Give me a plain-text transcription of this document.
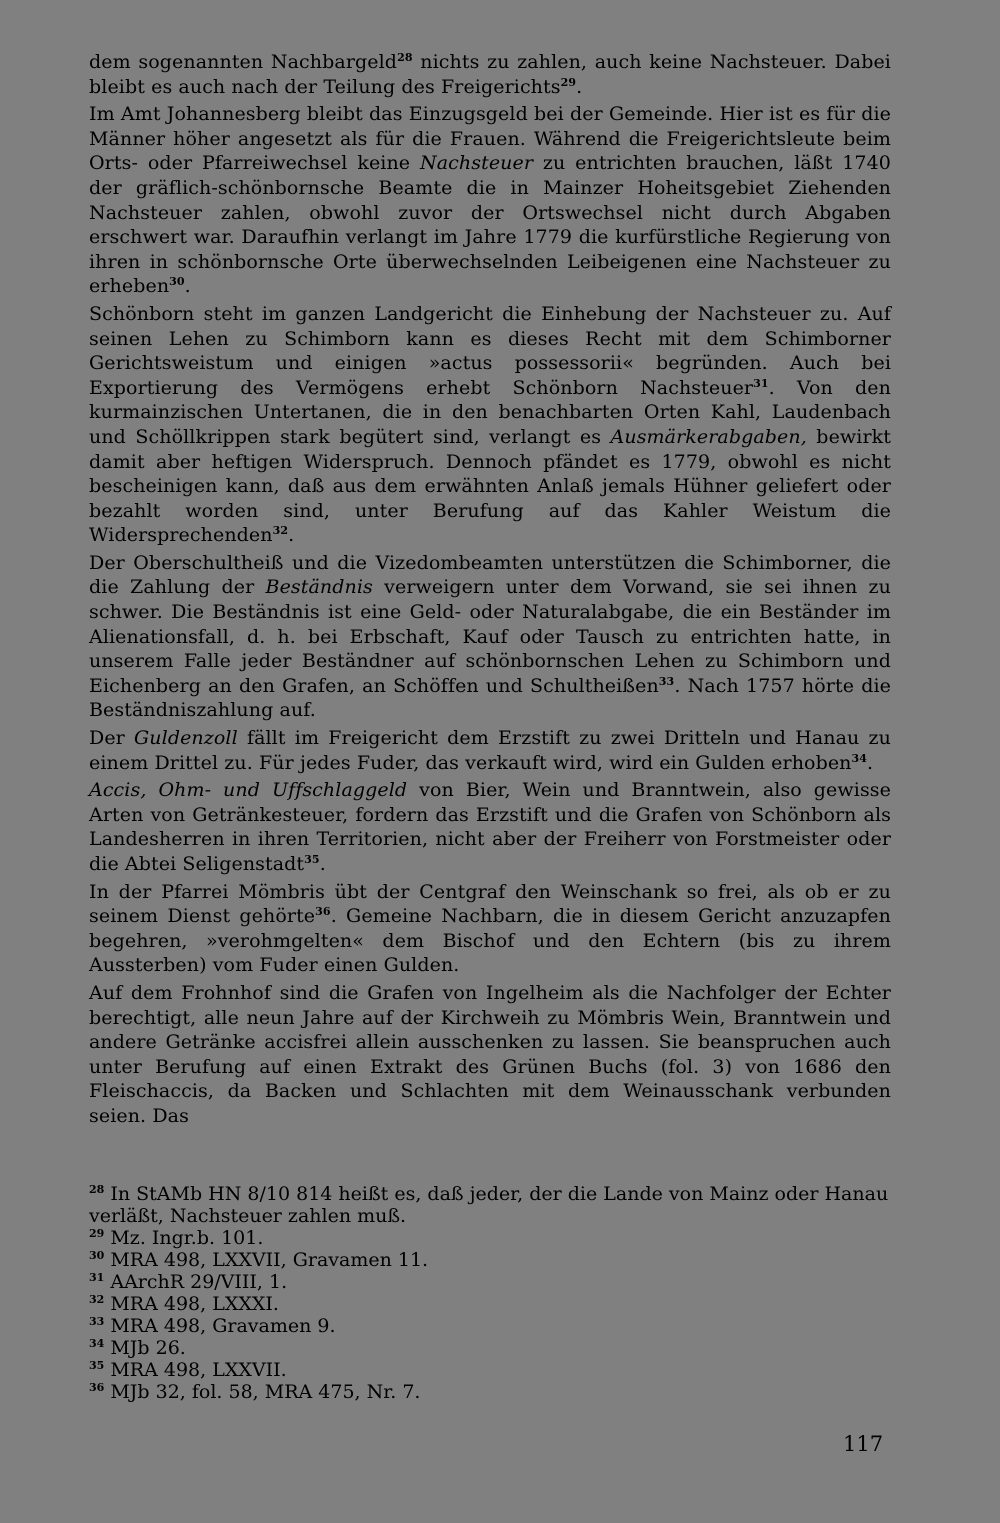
dem sogenannten Nachbargeld$^{28}$ nichts zu zahlen, auch keine Nachsteuer. Dabei bleibt es auch nach der Teilung des Freigerichts$^{29}$.

Im Amt Johannesberg bleibt das Einzugsgeld bei der Gemeinde. Hier ist es für die Männer höher angesetzt als für die Frauen. Während die Freigerichtsleute beim Orts- oder Pfarreiwechsel keine Nachsteuer zu entrichten brauchen, läßt 1740 der gräflich-schönbornsche Beamte die in Mainzer Hoheitsgebiet Ziehenden Nachsteuer zahlen, obwohl zuvor der Ortswechsel nicht durch Abgaben erschwert war. Daraufhin verlangt im Jahre 1779 die kurfürstliche Regierung von ihren in schönbornsche Orte überwechselnden Leibeigenen eine Nachsteuer zu erheben$^{30}$.

Schönborn steht im ganzen Landgericht die Einhebung der Nachsteuer zu. Auf seinen Lehen zu Schimborn kann es dieses Recht mit dem Schimborner Gerichtsweistum und einigen »actus possessorii« begründen. Auch bei Exportierung des Vermögens erhebt Schönborn Nachsteuer$^{31}$. Von den kurmainzischen Untertanen, die in den benachbarten Orten Kahl, Laudenbach und Schöllkrippen stark begütert sind, verlangt es Ausmärkerabgaben, bewirkt damit aber heftigen Widerspruch. Dennoch pfändet es 1779, obwohl es nicht bescheinigen kann, daß aus dem erwähnten Anlaß jemals Hühner geliefert oder bezahlt worden sind, unter Berufung auf das Kahler Weistum die Widersprechenden$^{32}$.

Der Oberschultheiß und die Vizedombeamten unterstützen die Schimborner, die die Zahlung der Beständnis verweigern unter dem Vorwand, sie sei ihnen zu schwer. Die Beständnis ist eine Geld- oder Naturalabgabe, die ein Beständer im Alienationsfall, d. h. bei Erbschaft, Kauf oder Tausch zu entrichten hatte, in unserem Falle jeder Beständner auf schönbornschen Lehen zu Schimborn und Eichenberg an den Grafen, an Schöffen und Schultheißen$^{33}$. Nach 1757 hörte die Beständniszahlung auf.

Der Guldenzoll fällt im Freigericht dem Erzstift zu zwei Dritteln und Hanau zu einem Drittel zu. Für jedes Fuder, das verkauft wird, wird ein Gulden erhoben$^{34}$.

Accis, Ohm- und Uffschlaggeld von Bier, Wein und Branntwein, also gewisse Arten von Getränkesteuer, fordern das Erzstift und die Grafen von Schönborn als Landesherren in ihren Territorien, nicht aber der Freiherr von Forstmeister oder die Abtei Seligenstadt$^{35}$.

In der Pfarrei Mömbris übt der Centgraf den Weinschank so frei, als ob er zu seinem Dienst gehörte$^{36}$. Gemeine Nachbarn, die in diesem Gericht anzuzapfen begehren, »verohmgelten« dem Bischof und den Echtern (bis zu ihrem Aussterben) vom Fuder einen Gulden.

Auf dem Frohnhof sind die Grafen von Ingelheim als die Nachfolger der Echter berechtigt, alle neun Jahre auf der Kirchweih zu Mömbris Wein, Branntwein und andere Getränke accisfrei allein ausschenken zu lassen. Sie beanspruchen auch unter Berufung auf einen Extrakt des Grünen Buchs (fol. 3) von 1686 den Fleischaccis, da Backen und Schlachten mit dem Weinausschank verbunden seien. Das

$^{28}$ In StAMb HN 8/10 814 heißt es, daß jeder, der die Lande von Mainz oder Hanau verläßt, Nachsteuer zahlen muß.

$^{29}$ Mz. Ingr.b. 101.

$^{30}$ MRA 498, LXXVII, Gravamen 11.

$^{31}$ AArchR 29/VIII, 1.

$^{32}$ MRA 498, LXXXI.

$^{33}$ MRA 498, Gravamen 9.

$^{34}$ MJb 26.

$^{35}$ MRA 498, LXXVII.

$^{36}$ MJb 32, fol. 58, MRA 475, Nr. 7.

117
